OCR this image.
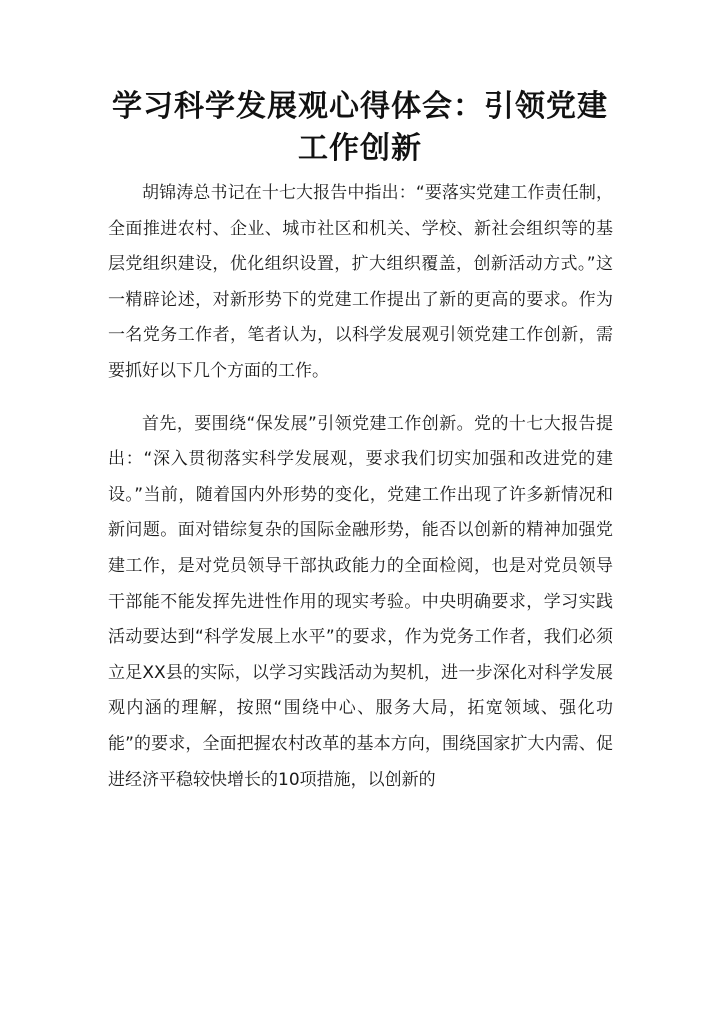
学习科学发展观心得体会：引领党建工作创新

胡锦涛总书记在十七大报告中指出：“要落实党建工作责任制，全面推进农村、企业、城市社区和机关、学校、新社会组织等的基层党组织建设，优化组织设置，扩大组织覆盖，创新活动方式。”这一精辟论述，对新形势下的党建工作提出了新的更高的要求。作为一名党务工作者，笔者认为，以科学发展观引领党建工作创新，需要抓好以下几个方面的工作。

首先，要围绕“保发展”引领党建工作创新。党的十七大报告提出：“深入贯彻落实科学发展观，要求我们切实加强和改进党的建设。”当前，随着国内外形势的变化，党建工作出现了许多新情况和新问题。面对错综复杂的国际金融形势，能否以创新的精神加强党建工作，是对党员领导干部执政能力的全面检阅，也是对党员领导干部能不能发挥先进性作用的现实考验。中央明确要求，学习实践活动要达到“科学发展上水平”的要求，作为党务工作者，我们必须立足XX县的实际，以学习实践活动为契机，进一步深化对科学发展观内涵的理解，按照“围绕中心、服务大局，拓宽领域、强化功能”的要求，全面把握农村改革的基本方向，围绕国家扩大内需、促进经济平稳较快增长的10项措施，以创新的
